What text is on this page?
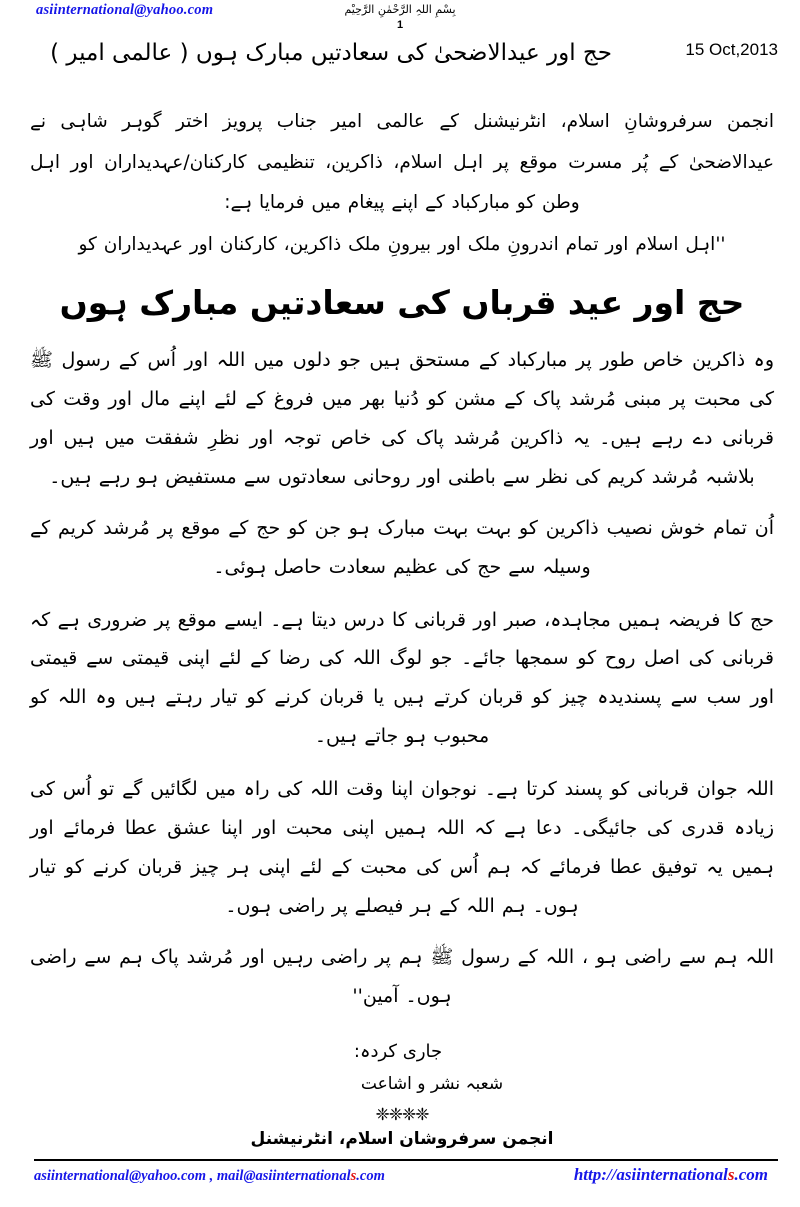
asiinternational@yahoo.com	بِسْمِ اللہِ الرَّحْمٰنِ الرَّحِیْم
1
15 Oct,2013
حج اور عیدالاضحیٰ کی سعادتیں مبارک ہوں ( عالمی امیر )

انجمن سرفروشانِ اسلام، انٹرنیشنل کے عالمی امیر جناب پرویز اختر گوہر شاہی نے عیدالاضحیٰ کے پُر مسرت موقع پر اہل اسلام، ذاکرین، تنظیمی کارکنان/عہدیداران اور اہل وطن کو مبارکباد کے اپنے پیغام میں فرمایا ہے:

''اہل اسلام اور تمام اندرونِ ملک اور بیرونِ ملک ذاکرین، کارکنان اور عہدیداران کو

حج اور عید قرباں کی سعادتیں مبارک ہوں

وہ ذاکرین خاص طور پر مبارکباد کے مستحق ہیں جو دلوں میں اللہ اور اُس کے رسول ﷺ کی محبت پر مبنی مُرشد پاک کے مشن کو دُنیا بھر میں فروغ کے لئے اپنے مال اور وقت کی قربانی دے رہے ہیں۔ یہ ذاکرین مُرشد پاک کی خاص توجہ اور نظرِ شفقت میں ہیں اور بلاشبہ مُرشد کریم کی نظر سے باطنی اور روحانی سعادتوں سے مستفیض ہو رہے ہیں۔

اُن تمام خوش نصیب ذاکرین کو بہت بہت مبارک ہو جن کو حج کے موقع پر مُرشد کریم کے وسیلہ سے حج کی عظیم سعادت حاصل ہوئی۔

حج کا فریضہ ہمیں مجاہدہ، صبر اور قربانی کا درس دیتا ہے۔ ایسے موقع پر ضروری ہے کہ قربانی کی اصل روح کو سمجھا جائے۔ جو لوگ اللہ کی رضا کے لئے اپنی قیمتی سے قیمتی اور سب سے پسندیدہ چیز کو قربان کرتے ہیں یا قربان کرنے کو تیار رہتے ہیں وہ اللہ کو محبوب ہو جاتے ہیں۔

اللہ جوان قربانی کو پسند کرتا ہے۔ نوجوان اپنا وقت اللہ کی راہ میں لگائیں گے تو اُس کی زیادہ قدری کی جائیگی۔ دعا ہے کہ اللہ ہمیں اپنی محبت اور اپنا عشق عطا فرمائے اور ہمیں یہ توفیق عطا فرمائے کہ ہم اُس کی محبت کے لئے اپنی ہر چیز قربان کرنے کو تیار ہوں۔ ہم اللہ کے ہر فیصلے پر راضی ہوں۔

اللہ ہم سے راضی ہو ، اللہ کے رسول ﷺ ہم پر راضی رہیں اور مُرشد پاک ہم سے راضی ہوں۔ آمین''

جاری کردہ:
شعبہ نشر و اشاعت
❈❈❈❈
انجمن سرفروشان اسلام، انٹرنیشنل
asiinternational@yahoo.com , mail@asiinternationals.com	http://asiinternationals.com
